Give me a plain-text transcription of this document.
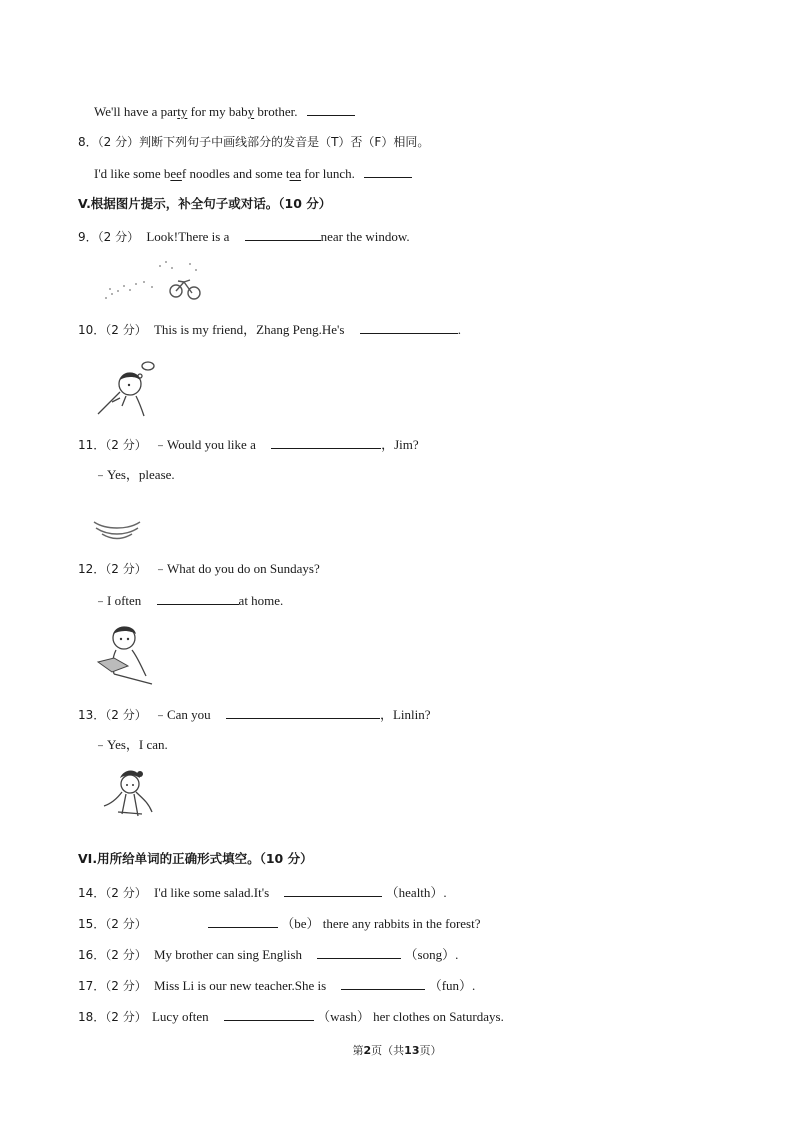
We'll have a party for my baby brother.
8．（2 分）判断下列句子中画线部分的发音是（T）否（F）相同。
I'd like some beef noodles and some tea for lunch.
V.根据图片提示，补全句子或对话。（10 分）
9．（2 分） Look!There is a	near the window.
10．（2 分） This is my friend，Zhang Peng.He's	.
11．（2 分） ﹣Would you like a	，Jim?
﹣Yes，please.
12．（2 分） ﹣What do you do on Sundays?
﹣I often	at home.
13．（2 分） ﹣Can you	，Linlin?
﹣Yes，I can.
VI.用所给单词的正确形式填空。（10 分）
14．（2 分） I'd like some salad.It's	（health）.
15．（2 分）	（be） there any rabbits in the forest?
16．（2 分） My brother can sing English	（song）.
17．（2 分） Miss Li is our new teacher.She is	（fun）.
18．（2 分） Lucy often	（wash） her clothes on Saturdays.
第2页（共13页）
